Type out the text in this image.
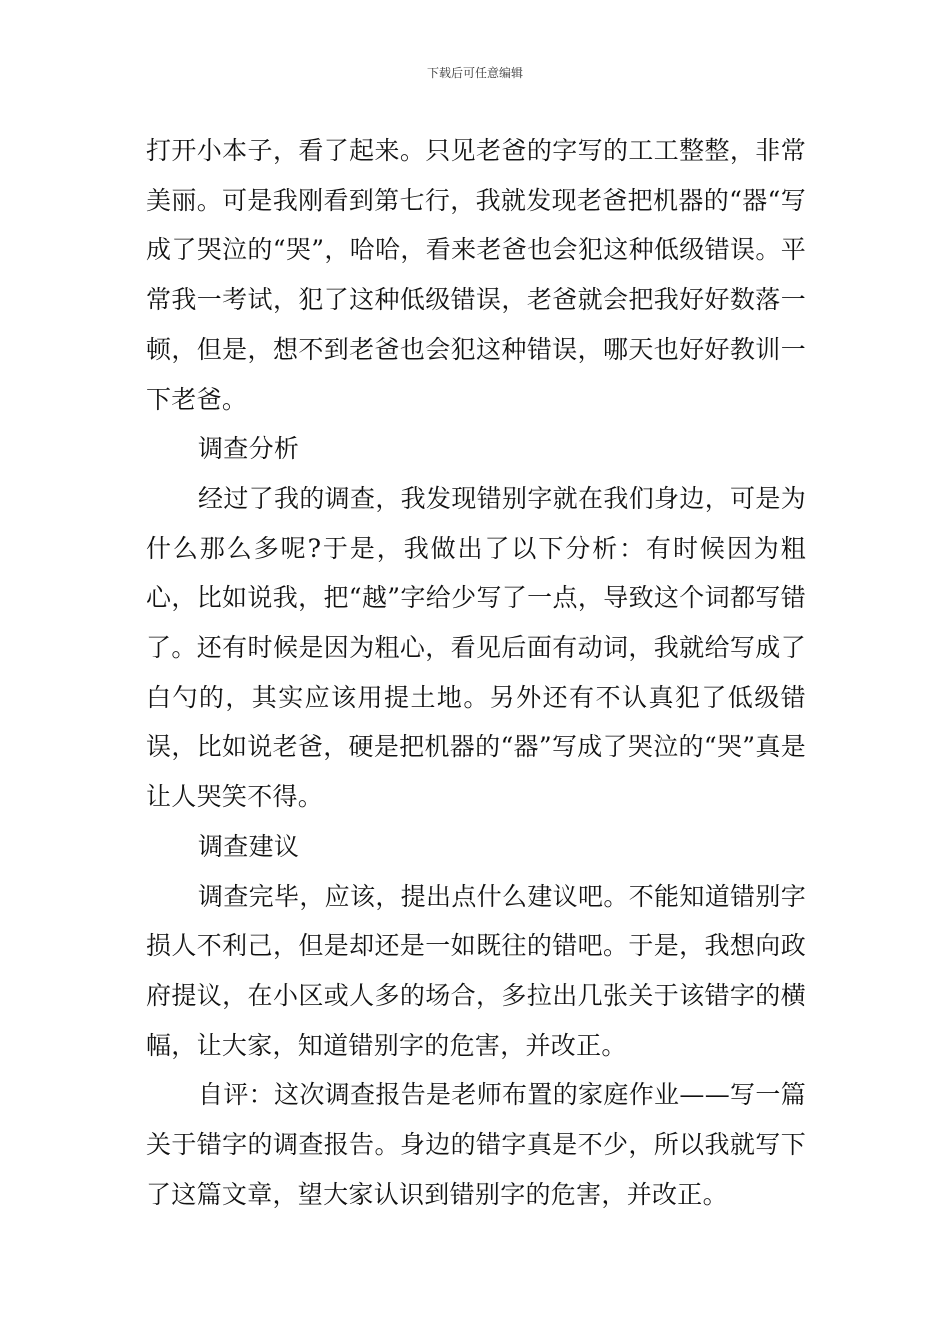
下载后可任意编辑

打开小本子，看了起来。只见老爸的字写的工工整整，非常美丽。可是我刚看到第七行，我就发现老爸把机器的“器“写成了哭泣的“哭”，哈哈，看来老爸也会犯这种低级错误。平常我一考试，犯了这种低级错误，老爸就会把我好好数落一顿，但是，想不到老爸也会犯这种错误，哪天也好好教训一下老爸。

调查分析

经过了我的调查，我发现错别字就在我们身边，可是为什么那么多呢?于是，我做出了以下分析：有时候因为粗心，比如说我，把“越”字给少写了一点，导致这个词都写错了。还有时候是因为粗心，看见后面有动词，我就给写成了白勺的，其实应该用提土地。另外还有不认真犯了低级错误，比如说老爸，硬是把机器的“器”写成了哭泣的“哭”真是让人哭笑不得。

调查建议

调查完毕，应该，提出点什么建议吧。不能知道错别字损人不利己，但是却还是一如既往的错吧。于是，我想向政府提议，在小区或人多的场合，多拉出几张关于该错字的横幅，让大家，知道错别字的危害，并改正。

自评：这次调查报告是老师布置的家庭作业——写一篇关于错字的调查报告。身边的错字真是不少，所以我就写下了这篇文章，望大家认识到错别字的危害，并改正。
